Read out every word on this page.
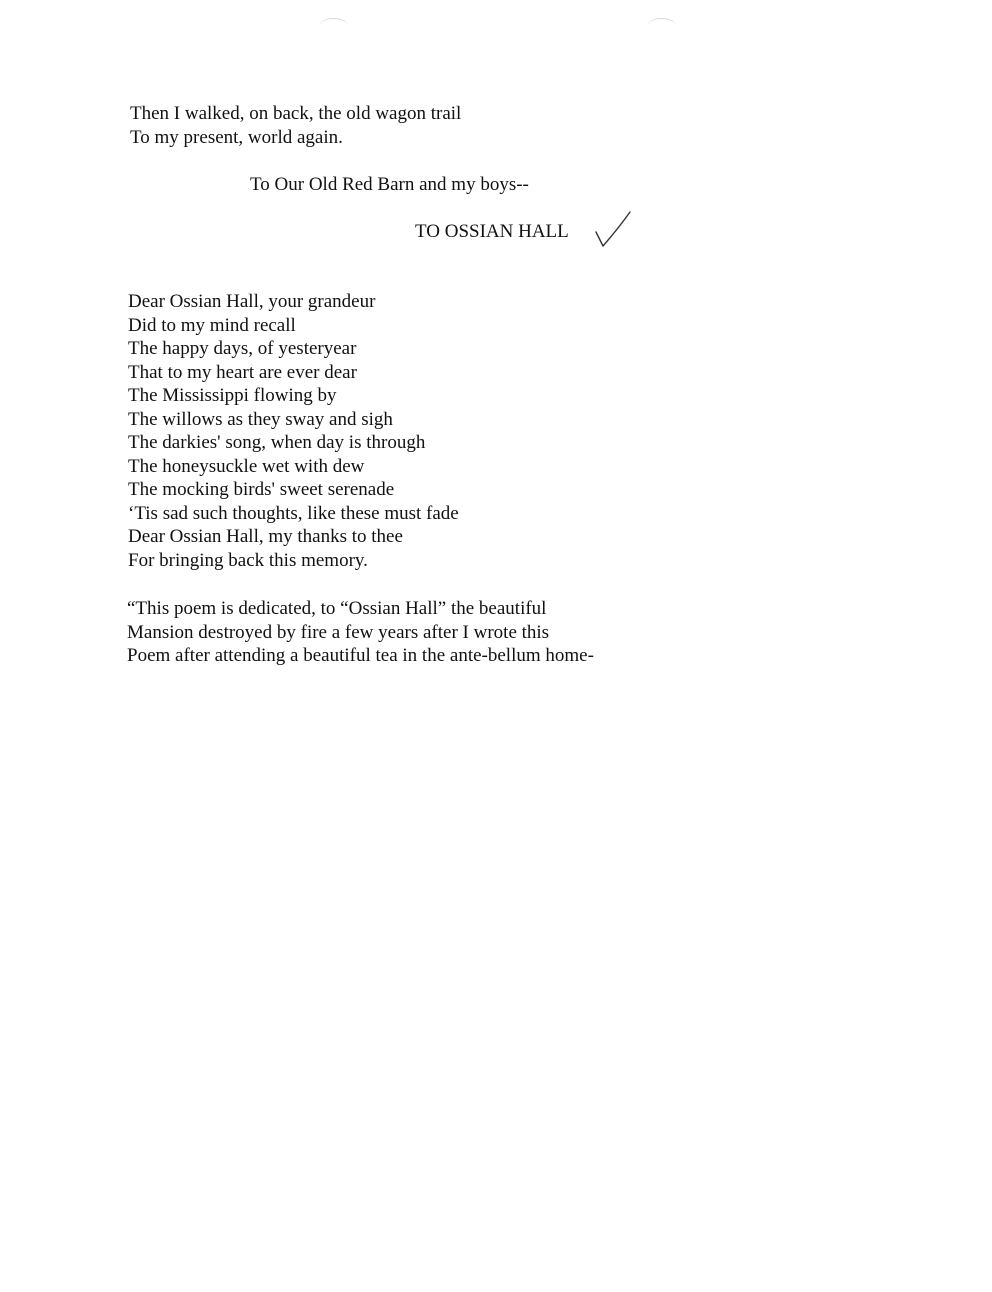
Then I walked, on back, the old wagon trail
To my present, world again.
To Our Old Red Barn and my boys--
TO OSSIAN HALL
Dear Ossian Hall, your grandeur
Did to my mind recall
The happy days, of yesteryear
That to my heart are ever dear
The Mississippi flowing by
The willows as they sway and sigh
The darkies' song, when day is through
The honeysuckle wet with dew
The mocking birds' sweet serenade
‘Tis sad such thoughts, like these must fade
Dear Ossian Hall, my thanks to thee
For bringing back this memory.
“This poem is dedicated, to “Ossian Hall” the beautiful
Mansion destroyed by fire a few years after I wrote this
Poem after attending a beautiful tea in the ante-bellum home-
